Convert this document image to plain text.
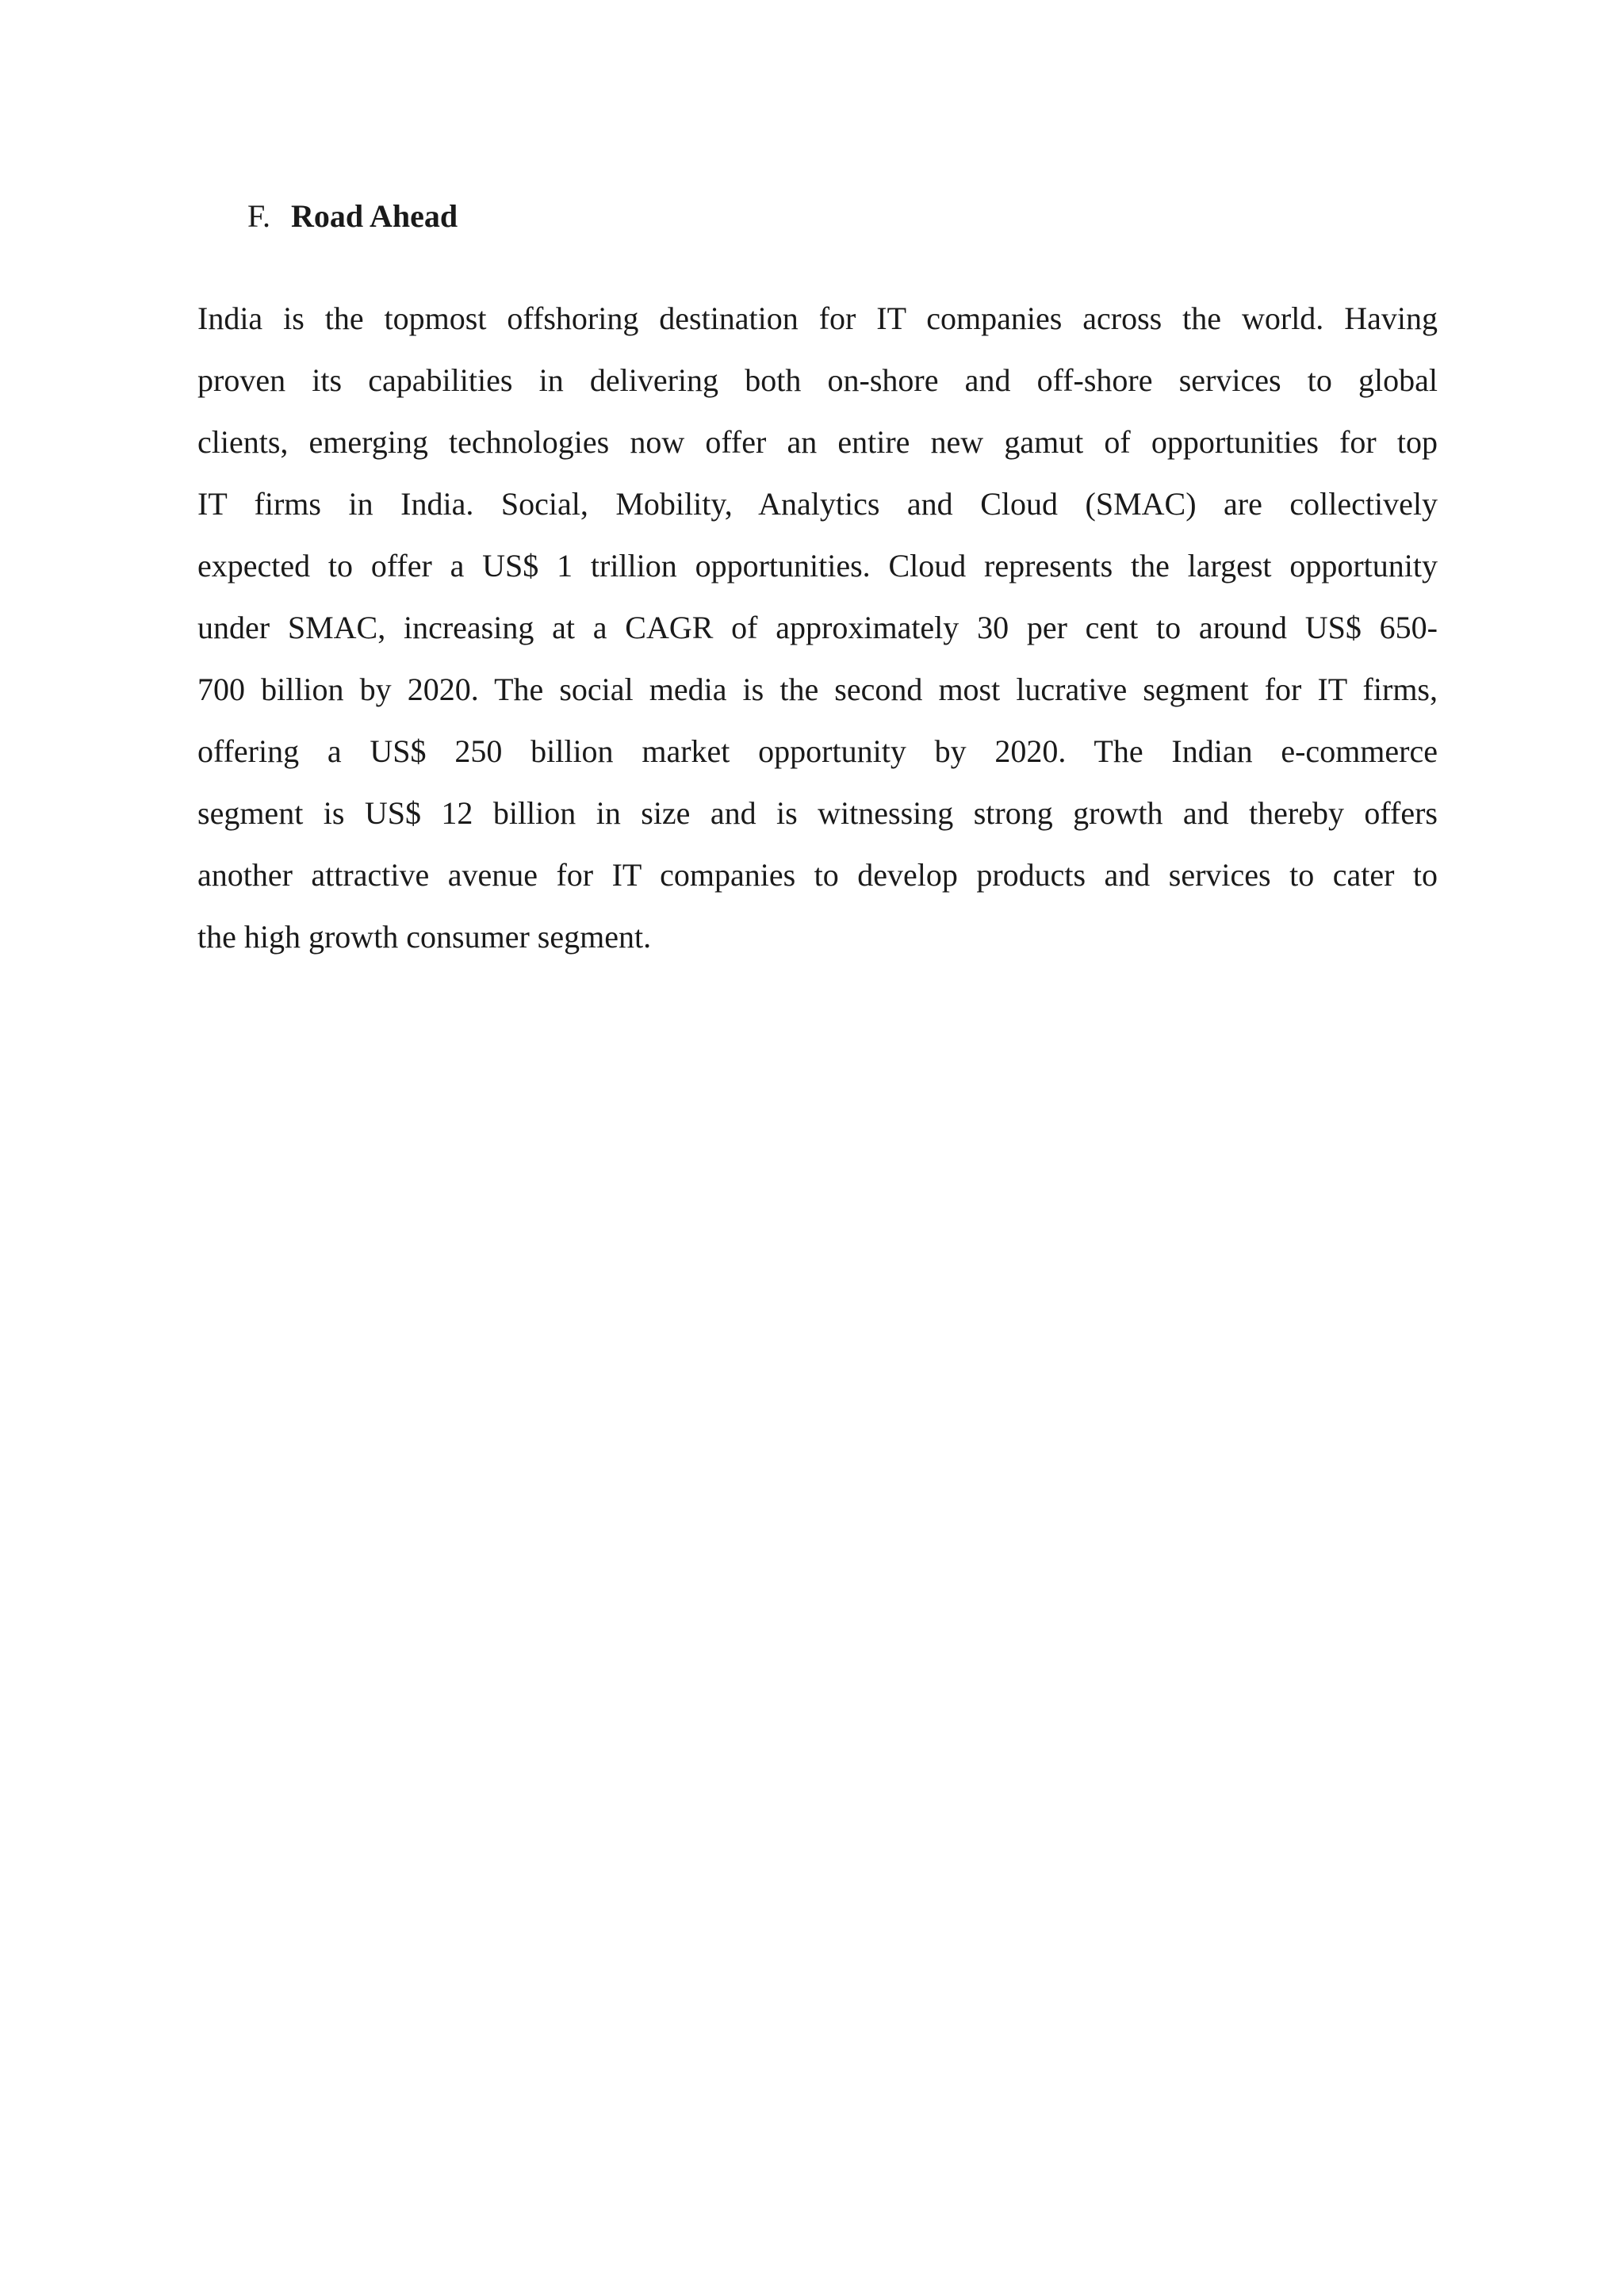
F. Road Ahead
India is the topmost offshoring destination for IT companies across the world. Having
proven its capabilities in delivering both on-shore and off-shore services to global
clients, emerging technologies now offer an entire new gamut of opportunities for top
IT firms in India. Social, Mobility, Analytics and Cloud (SMAC) are collectively
expected to offer a US$ 1 trillion opportunities. Cloud represents the largest opportunity
under SMAC, increasing at a CAGR of approximately 30 per cent to around US$ 650-
700 billion by 2020. The social media is the second most lucrative segment for IT firms,
offering a US$ 250 billion market opportunity by 2020. The Indian e-commerce
segment is US$ 12 billion in size and is witnessing strong growth and thereby offers
another attractive avenue for IT companies to develop products and services to cater to
the high growth consumer segment.
